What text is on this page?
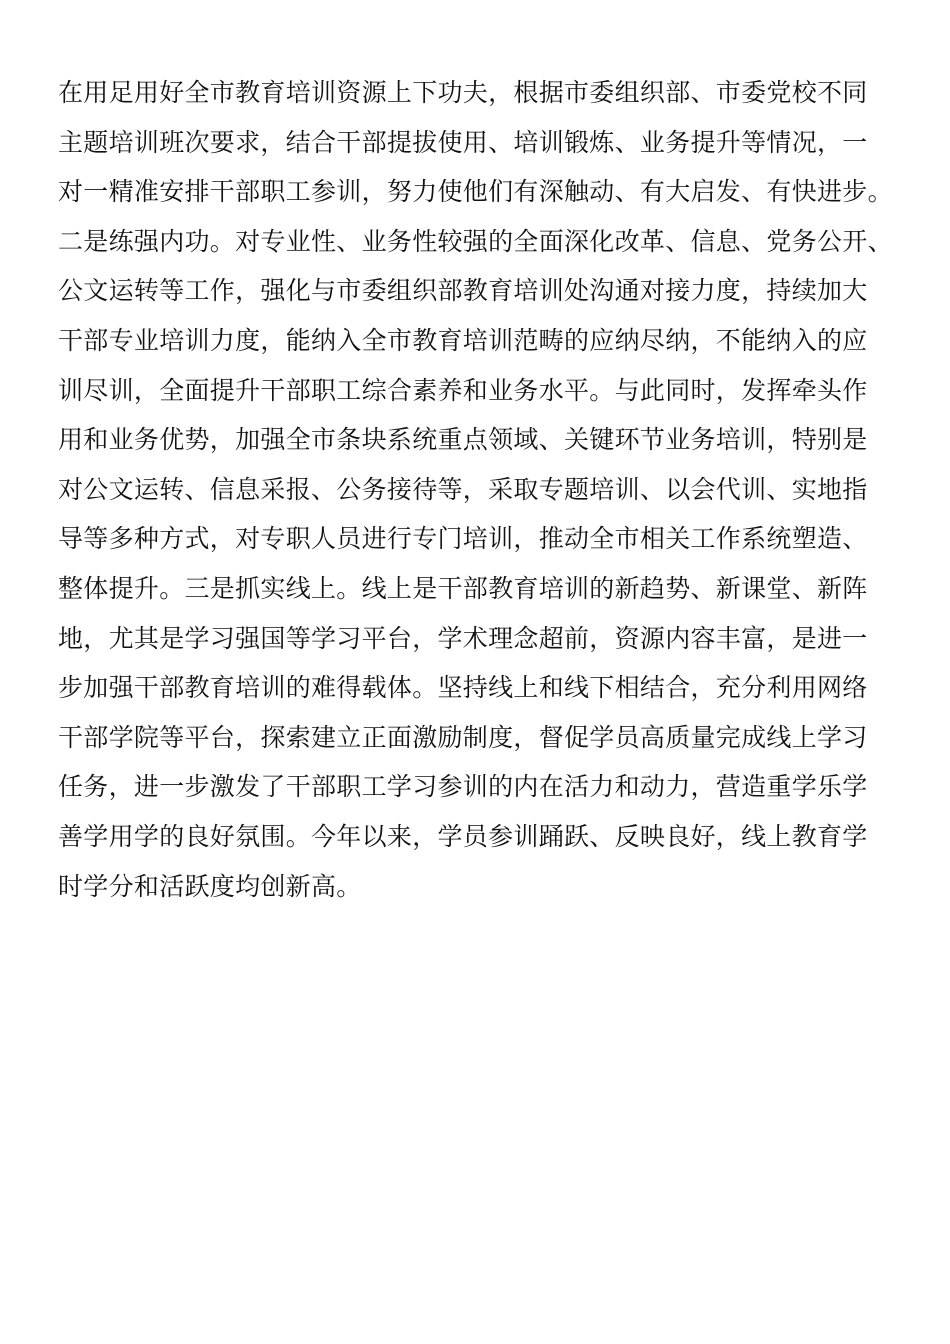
在用足用好全市教育培训资源上下功夫，根据市委组织部、市委党校不同
主题培训班次要求，结合干部提拔使用、培训锻炼、业务提升等情况，一
对一精准安排干部职工参训，努力使他们有深触动、有大启发、有快进步。
二是练强内功。对专业性、业务性较强的全面深化改革、信息、党务公开、
公文运转等工作，强化与市委组织部教育培训处沟通对接力度，持续加大
干部专业培训力度，能纳入全市教育培训范畴的应纳尽纳，不能纳入的应
训尽训，全面提升干部职工综合素养和业务水平。与此同时，发挥牵头作
用和业务优势，加强全市条块系统重点领域、关键环节业务培训，特别是
对公文运转、信息采报、公务接待等，采取专题培训、以会代训、实地指
导等多种方式，对专职人员进行专门培训，推动全市相关工作系统塑造、
整体提升。三是抓实线上。线上是干部教育培训的新趋势、新课堂、新阵
地，尤其是学习强国等学习平台，学术理念超前，资源内容丰富，是进一
步加强干部教育培训的难得载体。坚持线上和线下相结合，充分利用网络
干部学院等平台，探索建立正面激励制度，督促学员高质量完成线上学习
任务，进一步激发了干部职工学习参训的内在活力和动力，营造重学乐学
善学用学的良好氛围。今年以来，学员参训踊跃、反映良好，线上教育学
时学分和活跃度均创新高。
